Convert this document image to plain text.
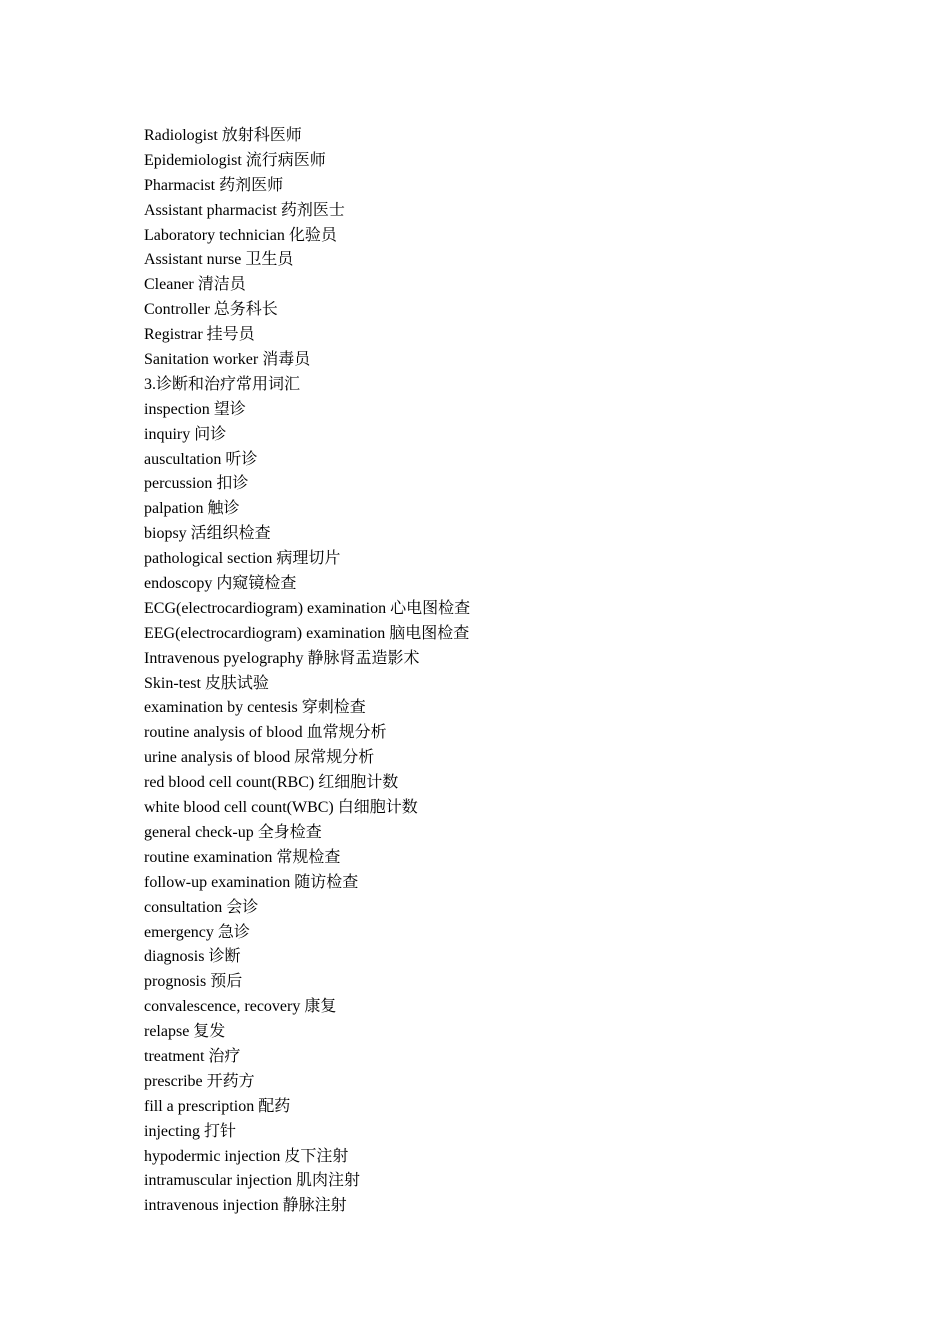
Radiologist 放射科医师
Epidemiologist 流行病医师
Pharmacist 药剂医师
Assistant pharmacist 药剂医士
Laboratory technician 化验员
Assistant nurse 卫生员
Cleaner 清洁员
Controller 总务科长
Registrar 挂号员
Sanitation worker 消毒员
3.诊断和治疗常用词汇
inspection 望诊
inquiry 问诊
auscultation 听诊
percussion 扣诊
palpation 触诊
biopsy 活组织检查
pathological section 病理切片
endoscopy 内窥镜检查
ECG(electrocardiogram) examination 心电图检查
EEG(electrocardiogram) examination 脑电图检查
Intravenous pyelography 静脉肾盂造影术
Skin-test 皮肤试验
examination by centesis 穿刺检查
routine analysis of blood 血常规分析
urine analysis of blood 尿常规分析
red blood cell count(RBC) 红细胞计数
white blood cell count(WBC) 白细胞计数
general check-up 全身检查
routine examination 常规检查
follow-up examination 随访检查
consultation 会诊
emergency 急诊
diagnosis 诊断
prognosis 预后
convalescence, recovery 康复
relapse 复发
treatment 治疗
prescribe 开药方
fill a prescription 配药
injecting 打针
hypodermic injection 皮下注射
intramuscular injection 肌肉注射
intravenous injection 静脉注射
